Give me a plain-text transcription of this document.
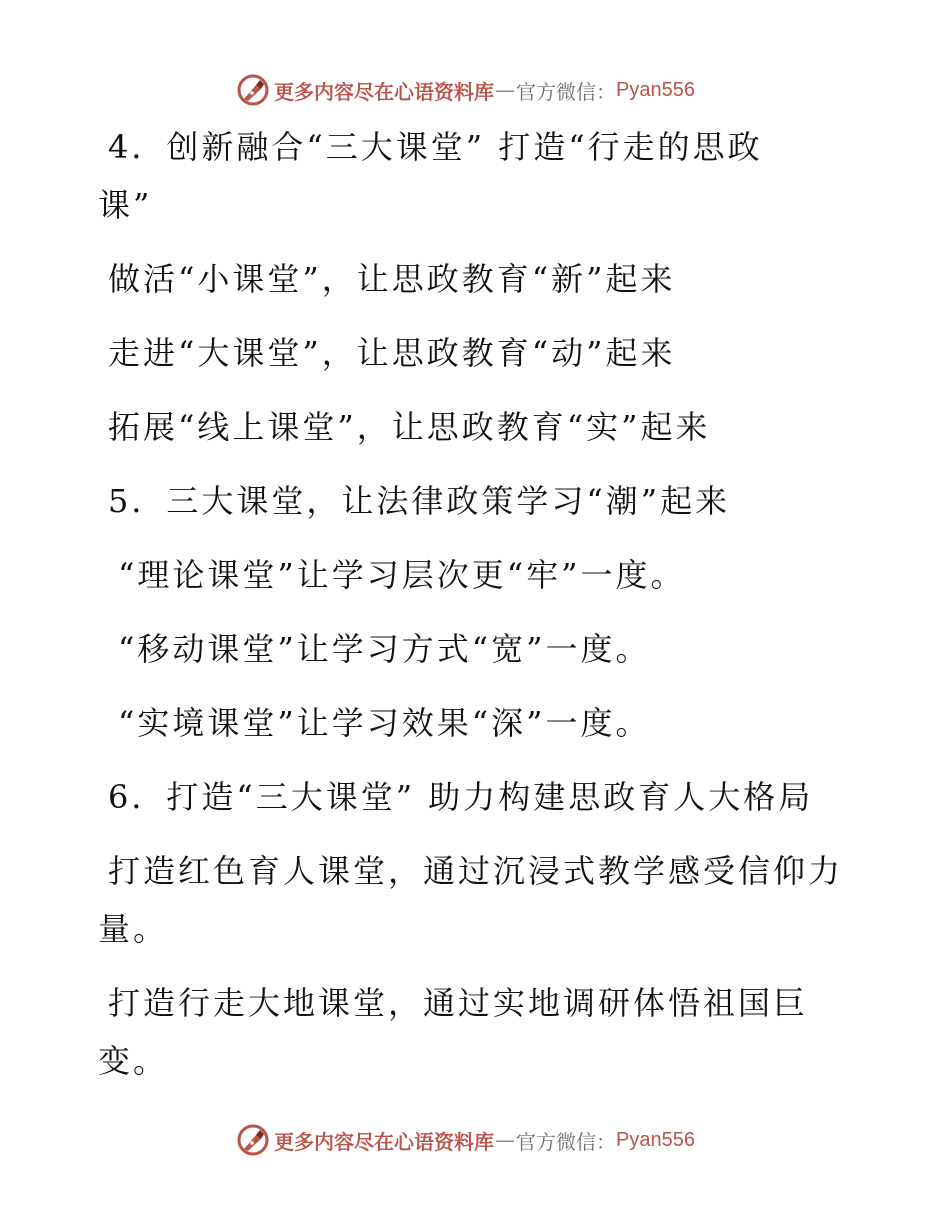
更多内容尽在心语资料库 — 官方微信： Pyan556

4．创新融合“三大课堂” 打造“行走的思政

课”

做活“小课堂”，让思政教育“新”起来

走进“大课堂”，让思政教育“动”起来

拓展“线上课堂”，让思政教育“实”起来

5．三大课堂，让法律政策学习“潮”起来

“理论课堂”让学习层次更“牢”一度。

“移动课堂”让学习方式“宽”一度。

“实境课堂”让学习效果“深”一度。

6．打造“三大课堂” 助力构建思政育人大格局

打造红色育人课堂，通过沉浸式教学感受信仰力

量。

打造行走大地课堂，通过实地调研体悟祖国巨

变。

更多内容尽在心语资料库 — 官方微信： Pyan556
